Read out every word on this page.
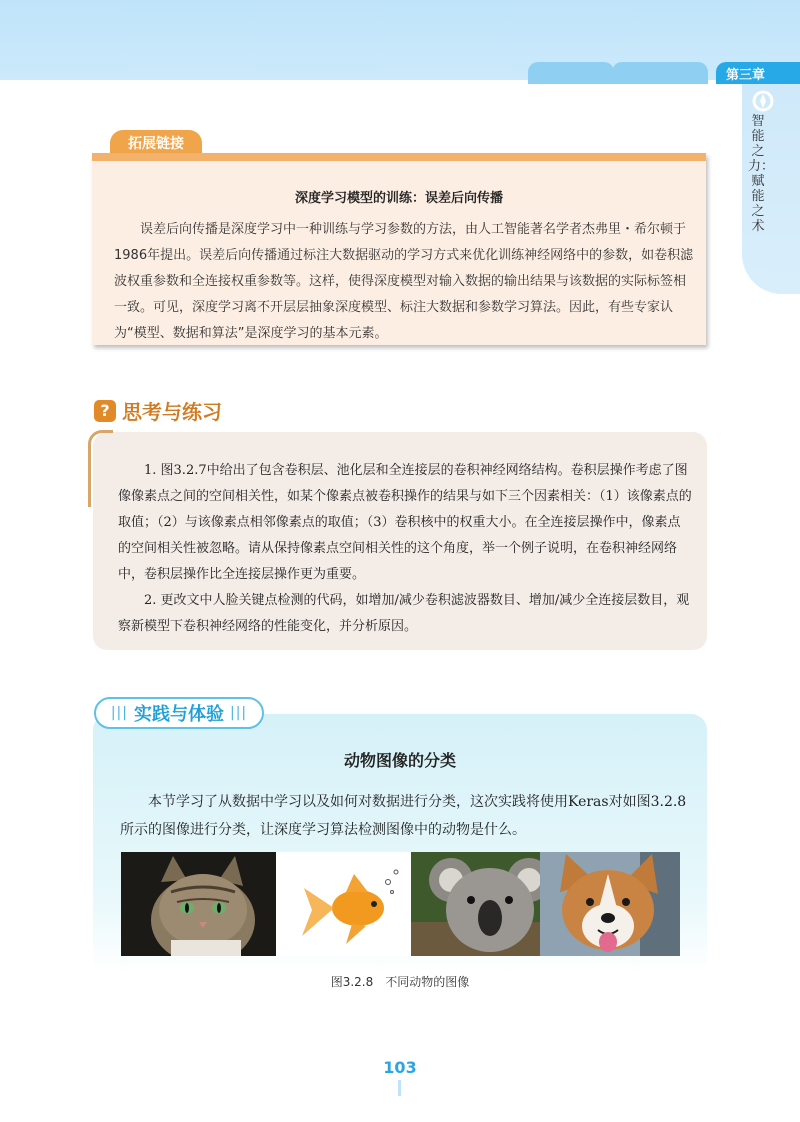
第三章
智能之力：赋能之术
拓展链接
深度学习模型的训练：误差后向传播
误差后向传播是深度学习中一种训练与学习参数的方法，由人工智能著名学者杰弗里・希尔顿于1986年提出。误差后向传播通过标注大数据驱动的学习方式来优化训练神经网络中的参数，如卷积滤波权重参数和全连接权重参数等。这样，使得深度模型对输入数据的输出结果与该数据的实际标签相一致。可见，深度学习离不开层层抽象深度模型、标注大数据和参数学习算法。因此，有些专家认为“模型、数据和算法”是深度学习的基本元素。
? 思考与练习

1. 图3.2.7中给出了包含卷积层、池化层和全连接层的卷积神经网络结构。卷积层操作考虑了图像像素点之间的空间相关性，如某个像素点被卷积操作的结果与如下三个因素相关：（1）该像素点的取值；（2）与该像素点相邻像素点的取值；（3）卷积核中的权重大小。在全连接层操作中，像素点的空间相关性被忽略。请从保持像素点空间相关性的这个角度，举一个例子说明，在卷积神经网络中，卷积层操作比全连接层操作更为重要。

2. 更改文中人脸关键点检测的代码，如增加/减少卷积滤波器数目、增加/减少全连接层数目，观察新模型下卷积神经网络的性能变化，并分析原因。

||| 实践与体验 |||
动物图像的分类
本节学习了从数据中学习以及如何对数据进行分类，这次实践将使用Keras对如图3.2.8所示的图像进行分类，让深度学习算法检测图像中的动物是什么。
图3.2.8　不同动物的图像
103
